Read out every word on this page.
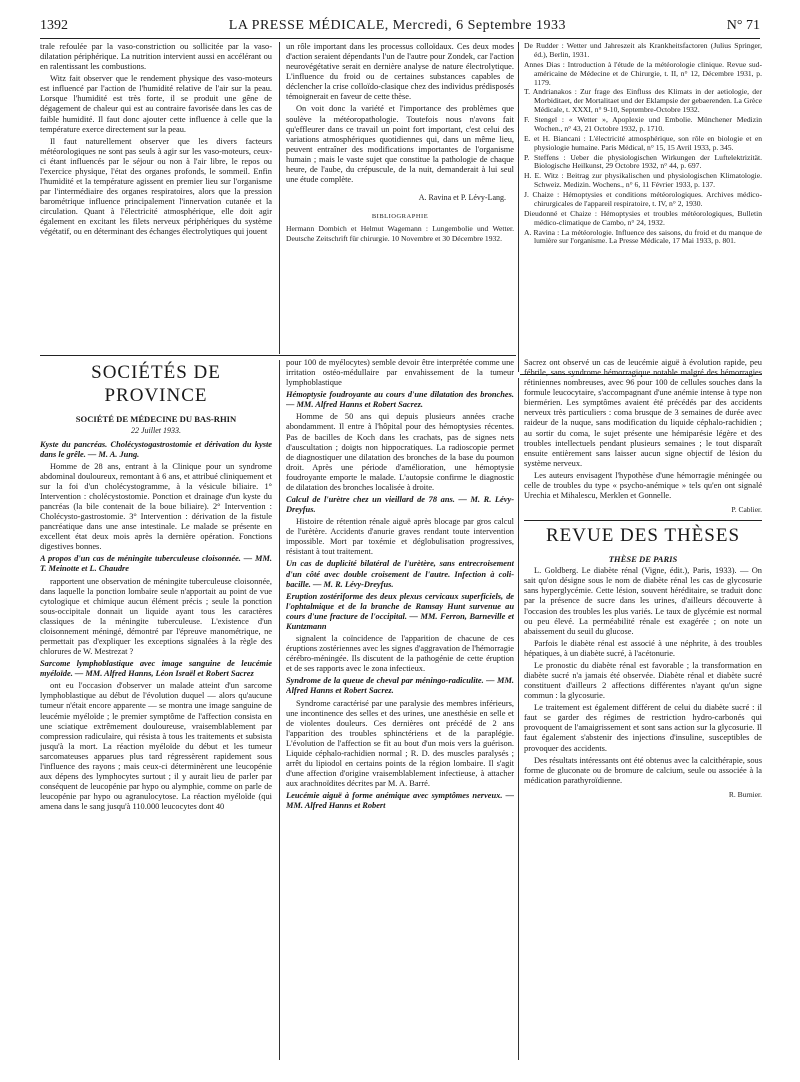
1392	LA PRESSE MÉDICALE, Mercredi, 6 Septembre 1933	N° 71

trale refoulée par la vaso-constriction ou sollicitée par la vaso-dilatation périphérique. La nutrition intervient aussi en accélérant ou en ralentissant les combustions.

Witz fait observer que le rendement physique des vaso-moteurs est influencé par l'action de l'humidité relative de l'air sur la peau. Lorsque l'humidité est très forte, il se produit une gêne de dégagement de chaleur qui est au contraire favorisée dans les cas de faible humidité. Il faut donc ajouter cette influence à celle que la température exerce directement sur la peau.

Il faut naturellement observer que les divers facteurs météorologiques ne sont pas seuls à agir sur les vaso-moteurs, ceux-ci étant influencés par le séjour ou non à l'air libre, le repos ou l'exercice physique, l'état des organes profonds, le sommeil. Enfin l'humidité et la température agissent en premier lieu sur l'organisme par l'intermédiaire des organes respiratoires, alors que la pression barométrique influence principalement l'innervation cutanée et la circulation. Quant à l'électricité atmosphérique, elle doit agir également en excitant les filets nerveux périphériques du système végétatif, ou en déterminant des échanges électrolytiques qui jouent

un rôle important dans les processus colloïdaux. Ces deux modes d'action seraient dépendants l'un de l'autre pour Zondek, car l'action neurovégétative serait en dernière analyse de nature électrolytique. L'influence du froid ou de certaines substances capables de déclencher la crise colloïdo-clasique chez des individus prédisposés témoignerait en faveur de cette thèse.

On voit donc la variété et l'importance des problèmes que soulève la météoropathologie. Toutefois nous n'avons fait qu'effleurer dans ce travail un point fort important, c'est celui des variations atmosphériques quotidiennes qui, dans un même lieu, peuvent entraîner des modifications importantes de l'organisme humain ; mais le vaste sujet que constitue la pathologie de chaque heure, de l'aube, du crépuscule, de la nuit, demanderait à lui seul une étude complète.

A. Ravina et P. Lévy-Lang.
BIBLIOGRAPHIE

Hermann Dombich et Helmut Wagemann : Lungembolie und Wetter. Deutsche Zeitschrift für chirurgie. 10 Novembre et 30 Décembre 1932.

De Rudder : Wetter und Jahreszeit als Krankheitsfactoren (Julius Springer, éd.), Berlin, 1931.

Annes Dias : Introduction à l'étude de la météorologie clinique. Revue sud-américaine de Médecine et de Chirurgie, t. II, n° 12, Décembre 1931, p. 1179.

T. Andrianakos : Zur frage des Einfluss des Klimats in der aetiologie, der Morbiditaet, der Mortalitaet und der Eklampsie der gebaerenden. La Grèce Médicale, t. XXXI, n° 9-10, Septembre-Octobre 1932.

F. Stengel : « Wetter », Apoplexie und Embolie. Münchener Medizin Wochen., n° 43, 21 Octobre 1932, p. 1710.

E. et H. Biancani : L'électricité atmosphérique, son rôle en biologie et en physiologie humaine. Paris Médical, n° 15, 15 Avril 1933, p. 345.

P. Steffens : Ueber die physiologischen Wirkungen der Luftelektrizität. Biologische Heilkunst, 29 Octobre 1932, n° 44, p. 697.

H. E. Witz : Beitrag zur physikalischen und physiologischen Klimatologie. Schweiz. Medizin. Wochens., n° 6, 11 Février 1933, p. 137.

J. Chaize : Hémoptysies et conditions météorologiques. Archives médico-chirurgicales de l'appareil respiratoire, t. IV, n° 2, 1930.

Dieudonné et Chaize : Hémoptysies et troubles météorologiques, Bulletin médico-climatique de Cambo, n° 24, 1932.

A. Ravina : La météorologie. Influence des saisons, du froid et du manque de lumière sur l'organisme. La Presse Médicale, 17 Mai 1933, p. 801.

SOCIÉTÉS DE PROVINCE
SOCIÉTÉ DE MÉDECINE DU BAS-RHIN
22 Juillet 1933.

Kyste du pancréas. Cholécystogastrostomie et dérivation du kyste dans le grêle. — M. A. Jung.

Homme de 28 ans, entrant à la Clinique pour un syndrome abdominal douloureux, remontant à 6 ans, et attribué cliniquement et sur la foi d'un cholécystogramme, à la vésicule biliaire. 1° Intervention : cholécystostomie. Ponction et drainage d'un kyste du pancréas (la bile contenait de la boue biliaire). 2° Intervention : Cholécysto-gastrostomie. 3° Intervention : dérivation de la fistule pancréatique dans une anse intestinale. Le malade se présente en excellent état deux mois après la dernière opération. Fonctions digestives bonnes.

A propos d'un cas de méningite tuberculeuse cloisonnée. — MM. T. Meinotte et L. Chaudre

rapportent une observation de méningite tuberculeuse cloisonnée, dans laquelle la ponction lombaire seule n'apportait au point de vue cytologique et chimique aucun élément précis ; seule la ponction sous-occipitale donnait un liquide ayant tous les caractères classiques de la méningite tuberculeuse. L'existence d'un cloisonnement méningé, démontré par l'épreuve manométrique, ne permettait pas d'expliquer les exceptions signalées à la règle des chlorures de W. Mestrezat ?

Sarcome lymphoblastique avec image sanguine de leucémie myéloïde. — MM. Alfred Hanns, Léon Israël et Robert Sacrez

ont eu l'occasion d'observer un malade atteint d'un sarcome lymphoblastique au début de l'évolution duquel — alors qu'aucune tumeur n'était encore apparente — se montra une image sanguine de leucémie myéloïde ; le premier symptôme de l'affection consista en une sciatique extrêmement douloureuse, vraisemblablement par compression radiculaire, qui résista à tous les traitements et subsista jusqu'à la mort. La réaction myéloïde du début et les tumeur sarcomateuses apparues plus tard régressèrent rapidement sous l'influence des rayons ; mais ceux-ci déterminèrent une leucopénie aux dépens des lymphocytes surtout ; il y aurait lieu de parler par conséquent de leucopénie par hypo ou alymphie, comme on parle de leucopénie par hypo ou agranulocytose. La réaction myéloïde (qui amena dans le sang jusqu'à 110.000 leucocytes dont 40

pour 100 de myélocytes) semble devoir être interprétée comme une irritation ostéo-médullaire par envahissement de la tumeur lymphoblastique

Hémoptysie foudroyante au cours d'une dilatation des bronches. — MM. Alfred Hanns et Robert Sacrez.

Homme de 50 ans qui depuis plusieurs années crache abondamment. Il entre à l'hôpital pour des hémoptysies récentes. Pas de bacilles de Koch dans les crachats, pas de signes nets d'auscultation ; doigts non hippocratiques. La radioscopie permet de diagnostiquer une dilatation des bronches de la base du poumon droit. Après une période d'amélioration, une hémoptysie foudroyante emporte le malade. L'autopsie confirme le diagnostic de dilatation des bronches localisée à droite.

Calcul de l'urètre chez un vieillard de 78 ans. — M. R. Lévy-Dreyfus.

Histoire de rétention rénale aiguë après blocage par gros calcul de l'urètère. Accidents d'anurie graves rendant toute intervention impossible. Mort par toxémie et déglobulisation progressives, résistant à tout traitement.

Un cas de duplicité bilatéral de l'urètère, sans entrecroisement d'un côté avec double croisement de l'autre. Infection à coli-bacille. — M. R. Lévy-Dreyfus.

Eruption zostériforme des deux plexus cervicaux superficiels, de l'ophtalmique et de la branche de Ramsay Hunt survenue au cours d'une fracture de l'occipital. — MM. Ferron, Barneville et Kuntzmann

signalent la coïncidence de l'apparition de chacune de ces éruptions zostériennes avec les signes d'aggravation de l'hémorragie cérébro-méningée. Ils discutent de la pathogénie de cette éruption et de ses rapports avec le zona infectieux.

Syndrome de la queue de cheval par méningo-radiculite. — MM. Alfred Hanns et Robert Sacrez.

Syndrome caractérisé par une paralysie des membres inférieurs, une incontinence des selles et des urines, une anesthésie en selle et de violentes douleurs. Ces dernières ont précédé de 2 ans l'apparition des troubles sphinctériens et de la paraplégie. L'évolution de l'affection se fit au bout d'un mois vers la guérison. Liquide céphalo-rachidien normal ; R. D. des muscles paralysés ; arrêt du lipiodol en certains points de la région lombaire. Il s'agit d'une affection d'origine vraisemblablement infectieuse, à attacher aux arachnoïdites décrites par M. A. Barré.

Leucémie aiguë à forme anémique avec symptômes nerveux. — MM. Alfred Hanns et Robert

Sacrez ont observé un cas de leucémie aiguë à évolution rapide, peu fébrile, sans syndrome hémorragique notable malgré des hémorragies rétiniennes nombreuses, avec 96 pour 100 de cellules souches dans la formule leucocytaire, s'accompagnant d'une anémie intense à type non biermérien. Les symptômes avaient été précédés par des accidents nerveux très particuliers : coma brusque de 3 semaines de durée avec raideur de la nuque, sans modification du liquide céphalo-rachidien ; au sortir du coma, le sujet présente une hémiparésie légère et des troubles intellectuels pendant plusieurs semaines ; le tout disparaît ensuite entièrement sans laisser aucun signe objectif de lésion du système nerveux.

Les auteurs envisagent l'hypothèse d'une hémorragie méningée ou celle de troubles du type « psycho-anémique » tels qu'en ont signalé Urechia et Mihalescu, Merklen et Gonnelle.

P. Cablier.
REVUE DES THÈSES
THÈSE DE PARIS

L. Goldberg. Le diabète rénal (Vigne, édit.), Paris, 1933). — On sait qu'on désigne sous le nom de diabète rénal les cas de glycosurie sans hyperglycémie. Cette lésion, souvent héréditaire, se traduit donc par la présence de sucre dans les urines, d'ailleurs découverte à l'occasion des troubles les plus variés. Le taux de glycémie est normal ou peu élevé. La perméabilité rénale est exagérée ; on note un abaissement du seuil du glucose.

Parfois le diabète rénal est associé à une néphrite, à des troubles hépatiques, à un diabète sucré, à l'acétonurie.

Le pronostic du diabète rénal est favorable ; la transformation en diabète sucré n'a jamais été observée. Diabète rénal et diabète sucré constituent d'ailleurs 2 affections différentes n'ayant qu'un signe commun : la glycosurie.

Le traitement est également différent de celui du diabète sucré : il faut se garder des régimes de restriction hydro-carbonés qui provoquent de l'amaigrissement et sont sans action sur la glycosurie. Il faut également s'abstenir des injections d'insuline, susceptibles de provoquer des accidents.

Des résultats intéressants ont été obtenus avec la calcithérapie, sous forme de gluconate ou de bromure de calcium, seule ou associée à la médication parathyroïdienne.

R. Burnier.
